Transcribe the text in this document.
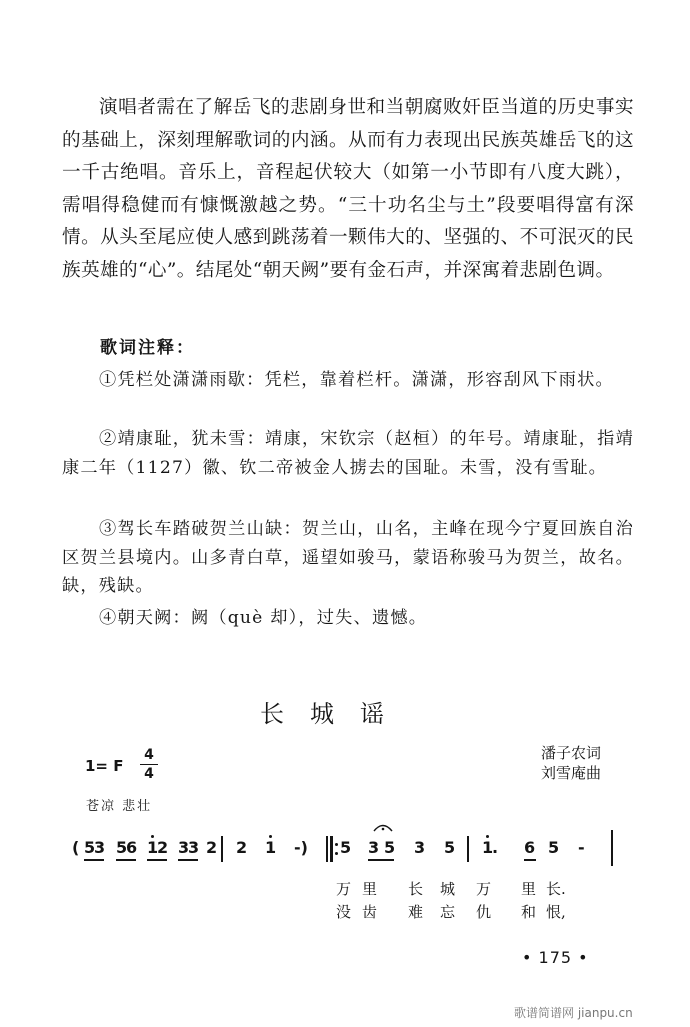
演唱者需在了解岳飞的悲剧身世和当朝腐败奸臣当道的历史事实的基础上，深刻理解歌词的内涵。从而有力表现出民族英雄岳飞的这一千古绝唱。音乐上，音程起伏较大（如第一小节即有八度大跳），需唱得稳健而有慷慨激越之势。“三十功名尘与土”段要唱得富有深情。从头至尾应使人感到跳荡着一颗伟大的、坚强的、不可泯灭的民族英雄的“心”。结尾处“朝天阙”要有金石声，并深寓着悲剧色调。
歌词注释：
①凭栏处潇潇雨歇：凭栏，靠着栏杆。潇潇，形容刮风下雨状。
②靖康耻，犹未雪：靖康，宋钦宗（赵桓）的年号。靖康耻，指靖康二年（1127）徽、钦二帝被金人掳去的国耻。未雪，没有雪耻。
③驾长车踏破贺兰山缺：贺兰山，山名，主峰在现今宁夏回族自治区贺兰县境内。山多青白草，遥望如骏马，蒙语称骏马为贺兰，故名。缺，残缺。
④朝天阙：阙（què 却），过失、遗憾。
长城谣
1= F
4
4
潘子农词
刘雪庵曲
苍凉 悲壮
( 5
3 5
6 1
2 3
3 2 2 1 -) 5 3 5 3 5 1
. 6 5 -
万 里 长 城 万 里 长.
没 齿 难 忘 仇 和 恨,
• 175 •
歌谱简谱网 jianpu.cn
